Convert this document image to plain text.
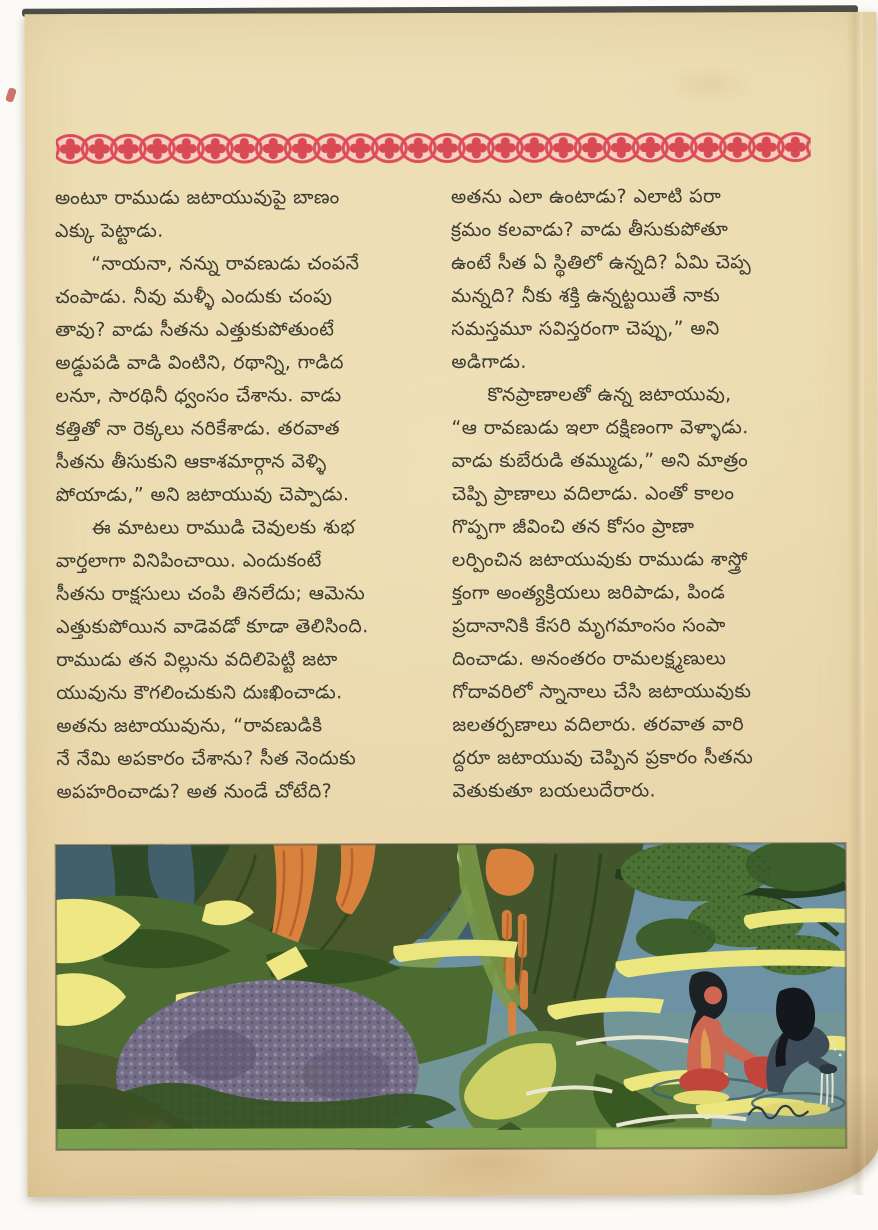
అంటూ రాముడు జటాయువుపై బాణం
ఎక్కు పెట్టాడు.
“నాయనా, నన్ను రావణుడు చంపనే
చంపాడు. నీవు మళ్ళీ ఎందుకు చంపు
తావు? వాడు సీతను ఎత్తుకుపోతుంటే
అడ్డుపడి వాడి వింటిని, రథాన్ని, గాడిద
లనూ, సారథినీ ధ్వంసం చేశాను. వాడు
కత్తితో నా రెక్కలు నరికేశాడు. తరవాత
సీతను తీసుకుని ఆకాశమార్గాన వెళ్ళి
పోయాడు,” అని జటాయువు చెప్పాడు.
ఈ మాటలు రాముడి చెవులకు శుభ
వార్తలాగా వినిపించాయి. ఎందుకంటే
సీతను రాక్షసులు చంపి తినలేదు; ఆమెను
ఎత్తుకుపోయిన వాడెవడో కూడా తెలిసింది.
రాముడు తన విల్లును వదిలిపెట్టి జటా
యువును కౌగలించుకుని దుఃఖించాడు.
అతను జటాయువును, “రావణుడికి
నే నేమి అపకారం చేశాను? సీత నెందుకు
అపహరించాడు? అత నుండే చోటేది?
అతను ఎలా ఉంటాడు? ఎలాటి పరా
క్రమం కలవాడు? వాడు తీసుకుపోతూ
ఉంటే సీత ఏ స్థితిలో ఉన్నది? ఏమి చెప్ప
మన్నది? నీకు శక్తి ఉన్నట్టయితే నాకు
సమస్తమూ సవిస్తరంగా చెప్పు,” అని
అడిగాడు.
కొనప్రాణాలతో ఉన్న జటాయువు,
“ఆ రావణుడు ఇలా దక్షిణంగా వెళ్ళాడు.
వాడు కుబేరుడి తమ్ముడు,” అని మాత్రం
చెప్పి ప్రాణాలు వదిలాడు. ఎంతో కాలం
గొప్పగా జీవించి తన కోసం ప్రాణా
లర్పించిన జటాయువుకు రాముడు శాస్త్రో
క్తంగా అంత్యక్రియలు జరిపాడు, పిండ
ప్రదానానికి కేసరి మృగమాంసం సంపా
దించాడు. అనంతరం రామలక్ష్మణులు
గోదావరిలో స్నానాలు చేసి జటాయువుకు
జలతర్పణాలు వదిలారు. తరవాత వారి
ద్దరూ జటాయువు చెప్పిన ప్రకారం సీతను
వెతుకుతూ బయలుదేరారు.
